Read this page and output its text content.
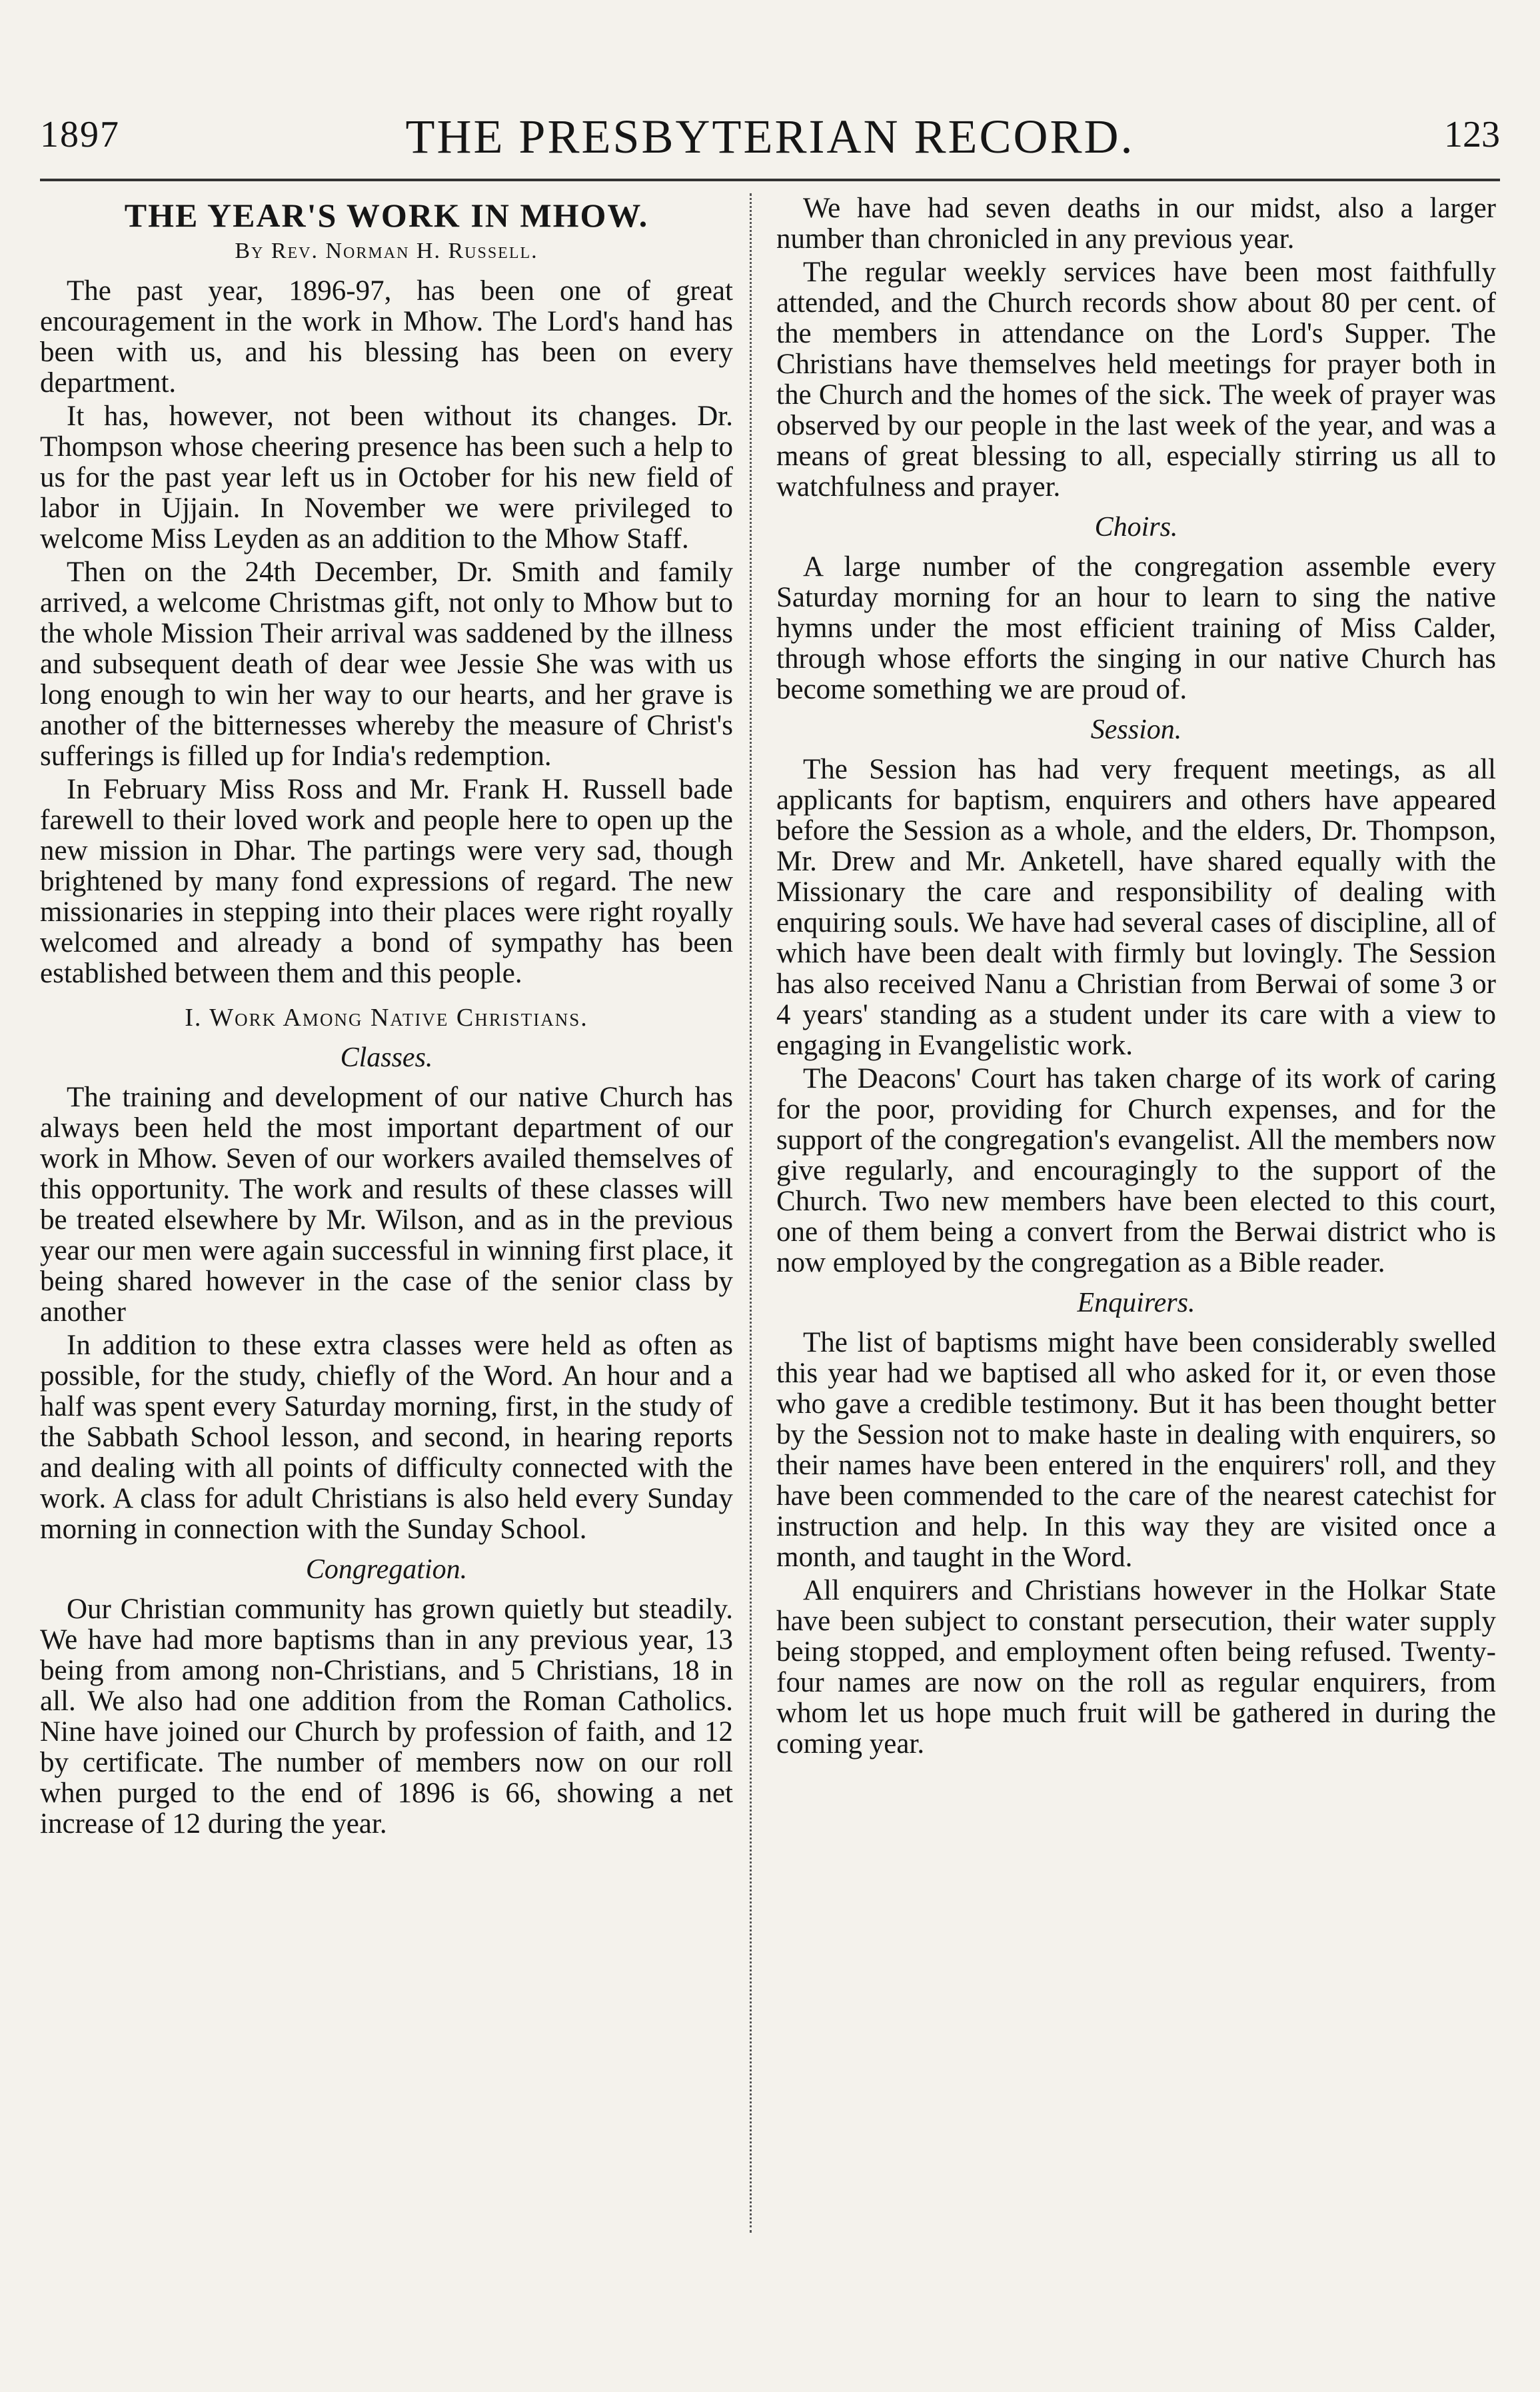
1897	THE PRESBYTERIAN RECORD.	123
THE YEAR'S WORK IN MHOW.
By Rev. Norman H. Russell.

The past year, 1896-97, has been one of great encouragement in the work in Mhow. The Lord's hand has been with us, and his blessing has been on every department.

It has, however, not been without its changes. Dr. Thompson whose cheering presence has been such a help to us for the past year left us in October for his new field of labor in Ujjain. In November we were privileged to welcome Miss Leyden as an addition to the Mhow Staff.

Then on the 24th December, Dr. Smith and family arrived, a welcome Christmas gift, not only to Mhow but to the whole Mission Their arrival was saddened by the illness and subsequent death of dear wee Jessie She was with us long enough to win her way to our hearts, and her grave is another of the bitternesses whereby the measure of Christ's sufferings is filled up for India's redemption.

In February Miss Ross and Mr. Frank H. Russell bade farewell to their loved work and people here to open up the new mission in Dhar. The partings were very sad, though brightened by many fond expressions of regard. The new missionaries in stepping into their places were right royally welcomed and already a bond of sympathy has been established between them and this people.

I. Work Among Native Christians.
Classes.

The training and development of our native Church has always been held the most important department of our work in Mhow. Seven of our workers availed themselves of this opportunity. The work and results of these classes will be treated elsewhere by Mr. Wilson, and as in the previous year our men were again successful in winning first place, it being shared however in the case of the senior class by another

In addition to these extra classes were held as often as possible, for the study, chiefly of the Word. An hour and a half was spent every Saturday morning, first, in the study of the Sabbath School lesson, and second, in hearing reports and dealing with all points of difficulty connected with the work. A class for adult Christians is also held every Sunday morning in connection with the Sunday School.

Congregation.

Our Christian community has grown quietly but steadily. We have had more baptisms than in any previous year, 13 being from among non-Christians, and 5 Christians, 18 in all. We also had one addition from the Roman Catholics. Nine have joined our Church by profession of faith, and 12 by certificate. The number of members now on our roll when purged to the end of 1896 is 66, showing a net increase of 12 during the year.

We have had seven deaths in our midst, also a larger number than chronicled in any previous year.

The regular weekly services have been most faithfully attended, and the Church records show about 80 per cent. of the members in attendance on the Lord's Supper. The Christians have themselves held meetings for prayer both in the Church and the homes of the sick. The week of prayer was observed by our people in the last week of the year, and was a means of great blessing to all, especially stirring us all to watchfulness and prayer.

Choirs.

A large number of the congregation assemble every Saturday morning for an hour to learn to sing the native hymns under the most efficient training of Miss Calder, through whose efforts the singing in our native Church has become something we are proud of.

Session.

The Session has had very frequent meetings, as all applicants for baptism, enquirers and others have appeared before the Session as a whole, and the elders, Dr. Thompson, Mr. Drew and Mr. Anketell, have shared equally with the Missionary the care and responsibility of dealing with enquiring souls. We have had several cases of discipline, all of which have been dealt with firmly but lovingly. The Session has also received Nanu a Christian from Berwai of some 3 or 4 years' standing as a student under its care with a view to engaging in Evangelistic work.

The Deacons' Court has taken charge of its work of caring for the poor, providing for Church expenses, and for the support of the congregation's evangelist. All the members now give regularly, and encouragingly to the support of the Church. Two new members have been elected to this court, one of them being a convert from the Berwai district who is now employed by the congregation as a Bible reader.

Enquirers.

The list of baptisms might have been considerably swelled this year had we baptised all who asked for it, or even those who gave a credible testimony. But it has been thought better by the Session not to make haste in dealing with enquirers, so their names have been entered in the enquirers' roll, and they have been commended to the care of the nearest catechist for instruction and help. In this way they are visited once a month, and taught in the Word.

All enquirers and Christians however in the Holkar State have been subject to constant persecution, their water supply being stopped, and employment often being refused. Twenty-four names are now on the roll as regular enquirers, from whom let us hope much fruit will be gathered in during the coming year.
